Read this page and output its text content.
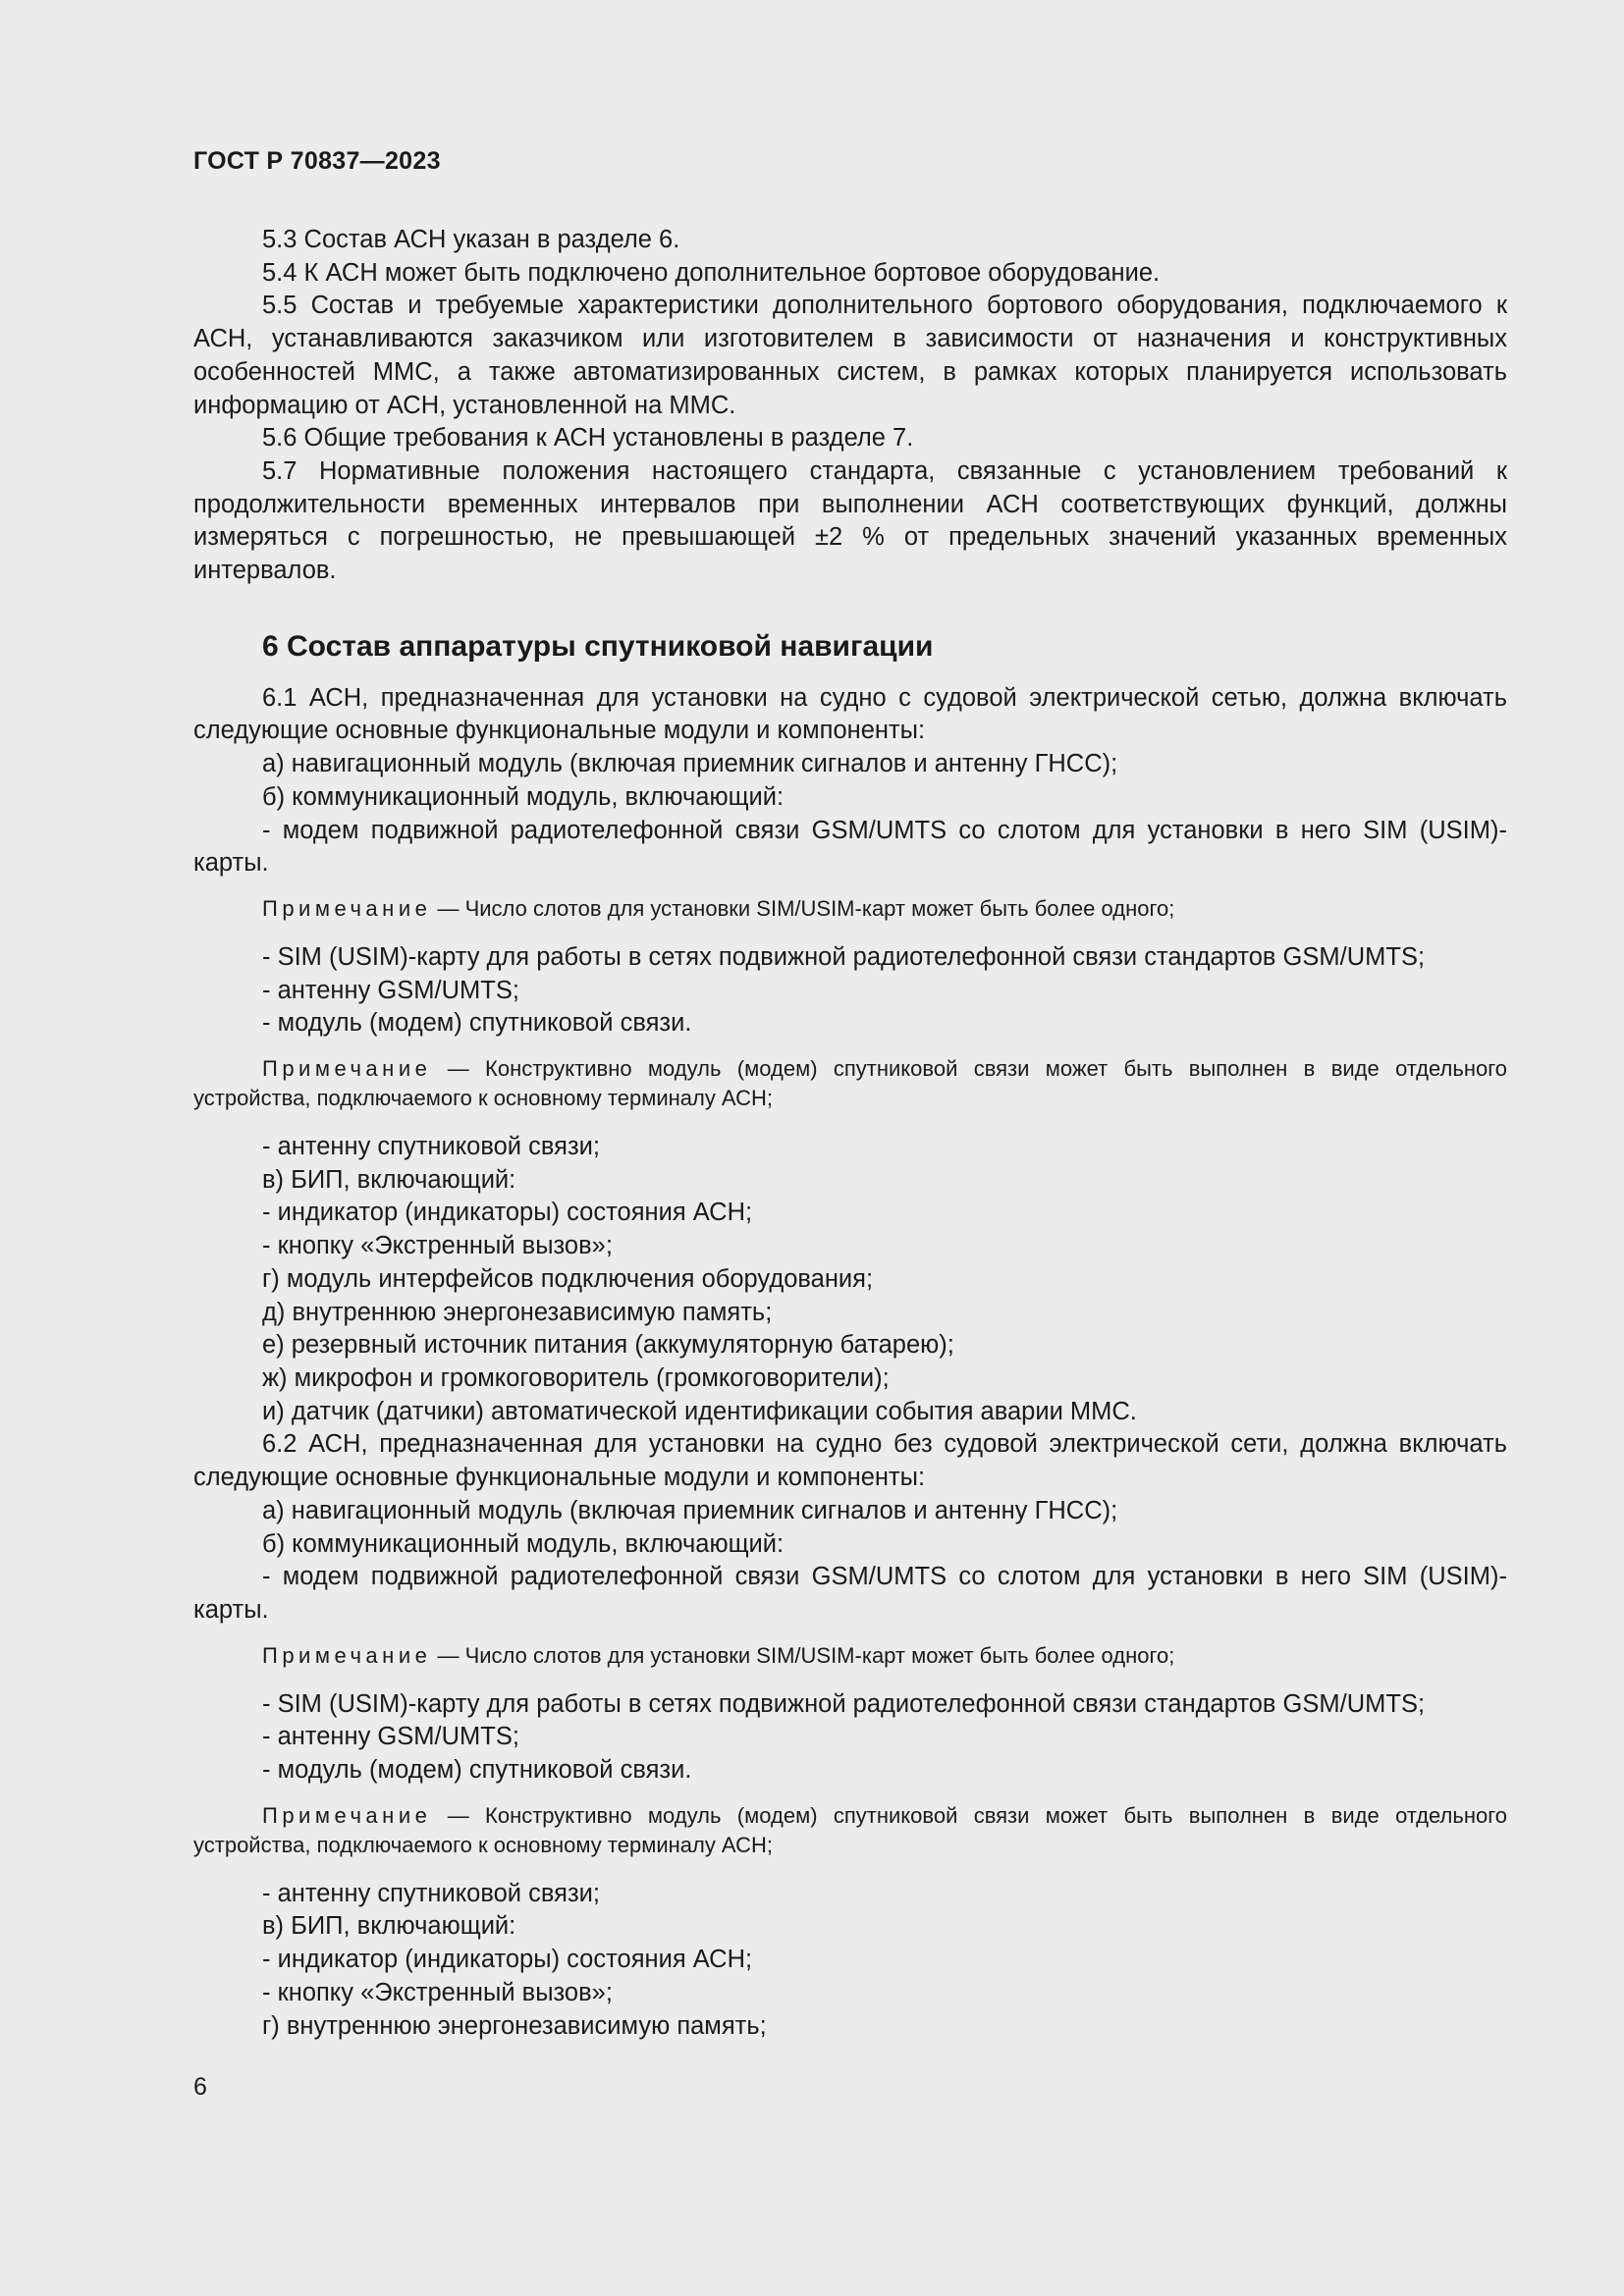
ГОСТ Р 70837—2023

5.3 Состав АСН указан в разделе 6.

5.4 К АСН может быть подключено дополнительное бортовое оборудование.

5.5 Состав и требуемые характеристики дополнительного бортового оборудования, подключаемого к АСН, устанавливаются заказчиком или изготовителем в зависимости от назначения и конструктивных особенностей ММС, а также автоматизированных систем, в рамках которых планируется использовать информацию от АСН, установленной на ММС.

5.6 Общие требования к АСН установлены в разделе 7.

5.7 Нормативные положения настоящего стандарта, связанные с установлением требований к продолжительности временных интервалов при выполнении АСН соответствующих функций, должны измеряться с погрешностью, не превышающей ±2 % от предельных значений указанных временных интервалов.

6 Состав аппаратуры спутниковой навигации

6.1 АСН, предназначенная для установки на судно с судовой электрической сетью, должна включать следующие основные функциональные модули и компоненты:

а) навигационный модуль (включая приемник сигналов и антенну ГНСС);

б) коммуникационный модуль, включающий:

- модем подвижной радиотелефонной связи GSM/UMTS со слотом для установки в него SIM (USIM)-карты.

Примечание — Число слотов для установки SIM/USIM-карт может быть более одного;

- SIM (USIM)-карту для работы в сетях подвижной радиотелефонной связи стандартов GSM/UMTS;

- антенну GSM/UMTS;

- модуль (модем) спутниковой связи.

Примечание — Конструктивно модуль (модем) спутниковой связи может быть выполнен в виде отдельного устройства, подключаемого к основному терминалу АСН;

- антенну спутниковой связи;

в) БИП, включающий:

- индикатор (индикаторы) состояния АСН;

- кнопку «Экстренный вызов»;

г) модуль интерфейсов подключения оборудования;

д) внутреннюю энергонезависимую память;

е) резервный источник питания (аккумуляторную батарею);

ж) микрофон и громкоговоритель (громкоговорители);

и) датчик (датчики) автоматической идентификации события аварии ММС.

6.2 АСН, предназначенная для установки на судно без судовой электрической сети, должна включать следующие основные функциональные модули и компоненты:

а) навигационный модуль (включая приемник сигналов и антенну ГНСС);

б) коммуникационный модуль, включающий:

- модем подвижной радиотелефонной связи GSM/UMTS со слотом для установки в него SIM (USIM)-карты.

Примечание — Число слотов для установки SIM/USIM-карт может быть более одного;

- SIM (USIM)-карту для работы в сетях подвижной радиотелефонной связи стандартов GSM/UMTS;

- антенну GSM/UMTS;

- модуль (модем) спутниковой связи.

Примечание — Конструктивно модуль (модем) спутниковой связи может быть выполнен в виде отдельного устройства, подключаемого к основному терминалу АСН;

- антенну спутниковой связи;

в) БИП, включающий:

- индикатор (индикаторы) состояния АСН;

- кнопку «Экстренный вызов»;

г) внутреннюю энергонезависимую память;

6
